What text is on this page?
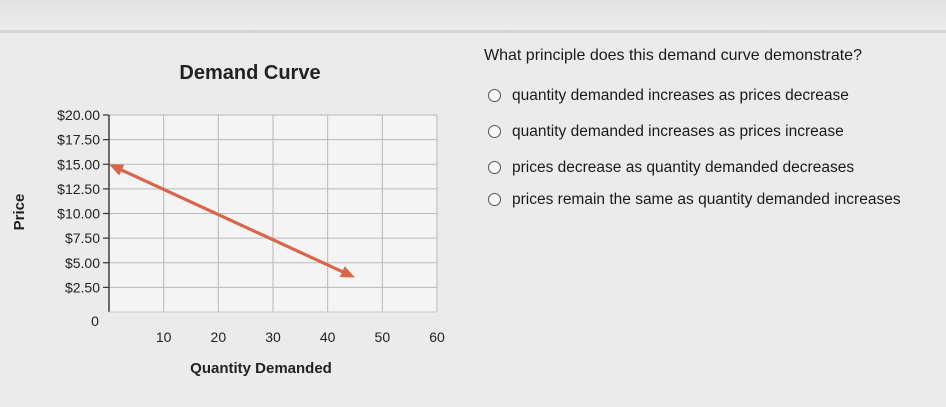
Demand Curve
$20.00
$17.50
$15.00
$12.50
$10.00
$7.50
$5.00
$2.50
0
10	20	30	40	50	60
Quantity Demanded
Price

What principle does this demand curve demonstrate?

quantity demanded increases as prices decrease
quantity demanded increases as prices increase
prices decrease as quantity demanded decreases
prices remain the same as quantity demanded increases
